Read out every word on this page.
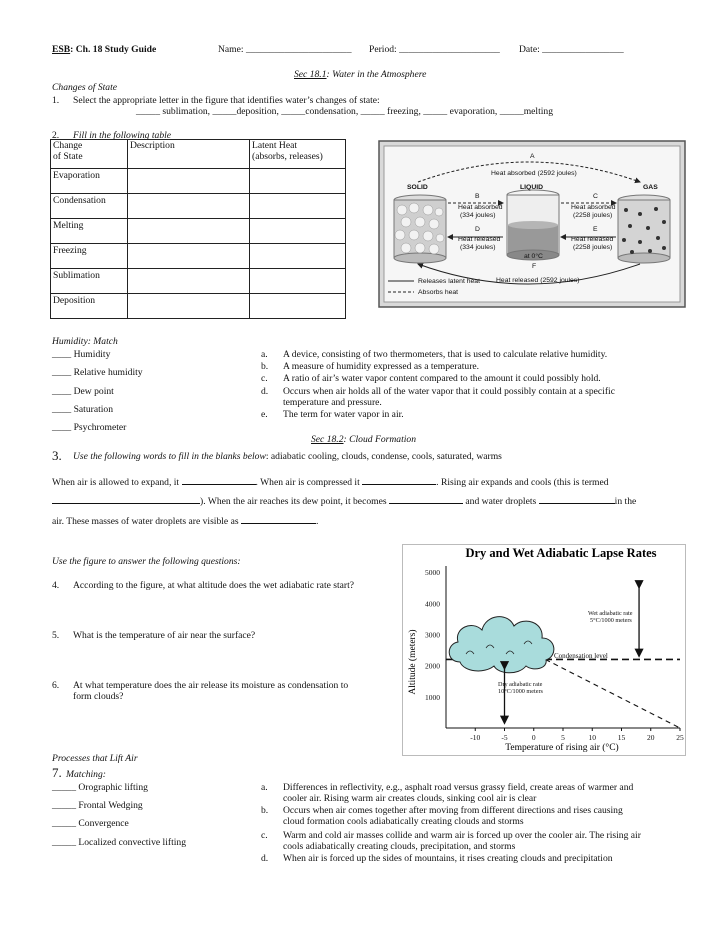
ESB: Ch. 18 Study Guide	Name: ______________________ Period: _____________________ Date: _________________
Sec 18.1: Water in the Atmosphere
Changes of State
1. Select the appropriate letter in the figure that identifies water’s changes of state:
_____ sublimation, _____deposition, _____condensation, _____ freezing, _____ evaporation, _____melting
2. Fill in the following table
Change
of State	Description	Latent Heat
(absorbs, releases)
Evaporation		
Condensation		
Melting		
Freezing		
Sublimation		
Deposition		
A
Heat absorbed (2592 joules)
SOLID	LIQUID	GAS
B
Heat absorbed
(334 joules)
C
Heat absorbed
(2258 joules)
D
Heat released
(334 joules)
E
Heat released
(2258 joules)
at 0°C
F
Releases latent heat
Absorbs heat
Heat released (2592 joules)
Humidity: Match
____ Humidity
____ Relative humidity
____ Dew point
____ Saturation
____ Psychrometer
a. A device, consisting of two thermometers, that is used to calculate relative humidity.
b. A measure of humidity expressed as a temperature.
c. A ratio of air’s water vapor content compared to the amount it could possibly hold.
d. Occurs when air holds all of the water vapor that it could possibly contain at a specific
temperature and pressure.
e. The term for water vapor in air.
Sec 18.2: Cloud Formation
3. Use the following words to fill in the blanks below: adiabatic cooling, clouds, condense, cools, saturated, warms
When air is allowed to expand, it	. When air is compressed it	. Rising air expands and cools (this is termed
). When the air reaches its dew point, it becomes	and water droplets	in the
air. These masses of water droplets are visible as	.
Use the figure to answer the following questions:
4. According to the figure, at what altitude does the wet adiabatic rate start?
5. What is the temperature of air near the surface?
6. At what temperature does the air release its moisture as condensation to
form clouds?
Dry and Wet Adiabatic Lapse Rates
Altitude (meters)
Temperature of rising air (°C)
-10	-5	0	5	10	15	20	25
1000
2000
3000
4000
5000
Wet adiabatic rate
5°C/1000 meters
Condensation level
Dry adiabatic rate
10°C/1000 meters
Processes that Lift Air
7. Matching:
_____ Orographic lifting
_____ Frontal Wedging
_____ Convergence
_____ Localized convective lifting
a. Differences in reflectivity, e.g., asphalt road versus grassy field, create areas of warmer and
cooler air. Rising warm air creates clouds, sinking cool air is clear
b. Occurs when air comes together after moving from different directions and rises causing
cloud formation cools adiabatically creating clouds and storms
c. Warm and cold air masses collide and warm air is forced up over the cooler air. The rising air
cools adiabatically creating clouds, precipitation, and storms
d. When air is forced up the sides of mountains, it rises creating clouds and precipitation
